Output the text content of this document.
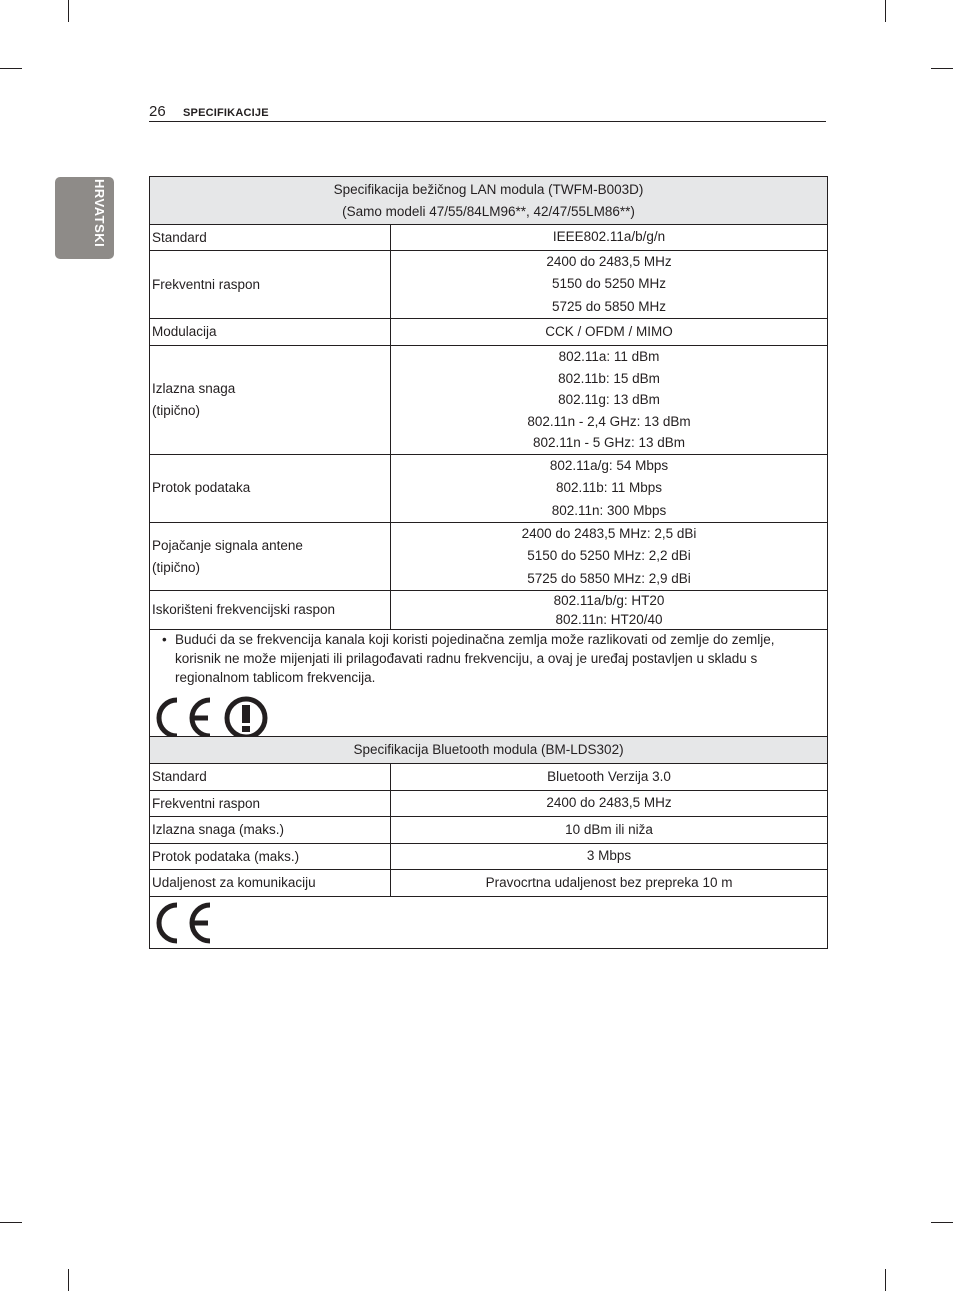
26 SPECIFIKACIJE
HRVATSKI	Specifikacija bežičnog LAN modula (TWFM-B003D)
(Samo modeli 47/55/84LM96**, 42/47/55LM86**)	

Standard	IEEE802.11a/b/g/n

Frekventni raspon	2400 do 2483,5 MHz
5150 do 5250 MHz
5725 do 5850 MHz

Modulacija	CCK / OFDM / MIMO

Izlazna snaga
(tipično)	802.11a: 11 dBm
802.11b: 15 dBm
802.11g: 13 dBm
802.11n - 2,4 GHz: 13 dBm
802.11n - 5 GHz: 13 dBm

Protok podataka	802.11a/g: 54 Mbps
802.11b: 11 Mbps
802.11n: 300 Mbps

Pojačanje signala antene
(tipično)	2400 do 2483,5 MHz: 2,5 dBi
5150 do 5250 MHz: 2,2 dBi
5725 do 5850 MHz: 2,9 dBi

Iskorišteni frekvencijski raspon	802.11a/b/g: HT20
802.11n: HT20/40

• Budući da se frekvencija kanala koji koristi pojedinačna zemlja može razlikovati od zemlje do zemlje, korisnik ne može mijenjati ili prilagođavati radnu frekvenciju, a ovaj je uređaj postavljen u skladu s regionalnom tablicom frekvencija.	
Specifikacija Bluetooth modula (BM-LDS302)	
Standard	Bluetooth Verzija 3.0
Frekventni raspon	2400 do 2483,5 MHz
Izlazna snaga (maks.)	10 dBm ili niža
Protok podataka (maks.)	3 Mbps
Udaljenost za komunikaciju	Pravocrtna udaljenost bez prepreka 10 m
